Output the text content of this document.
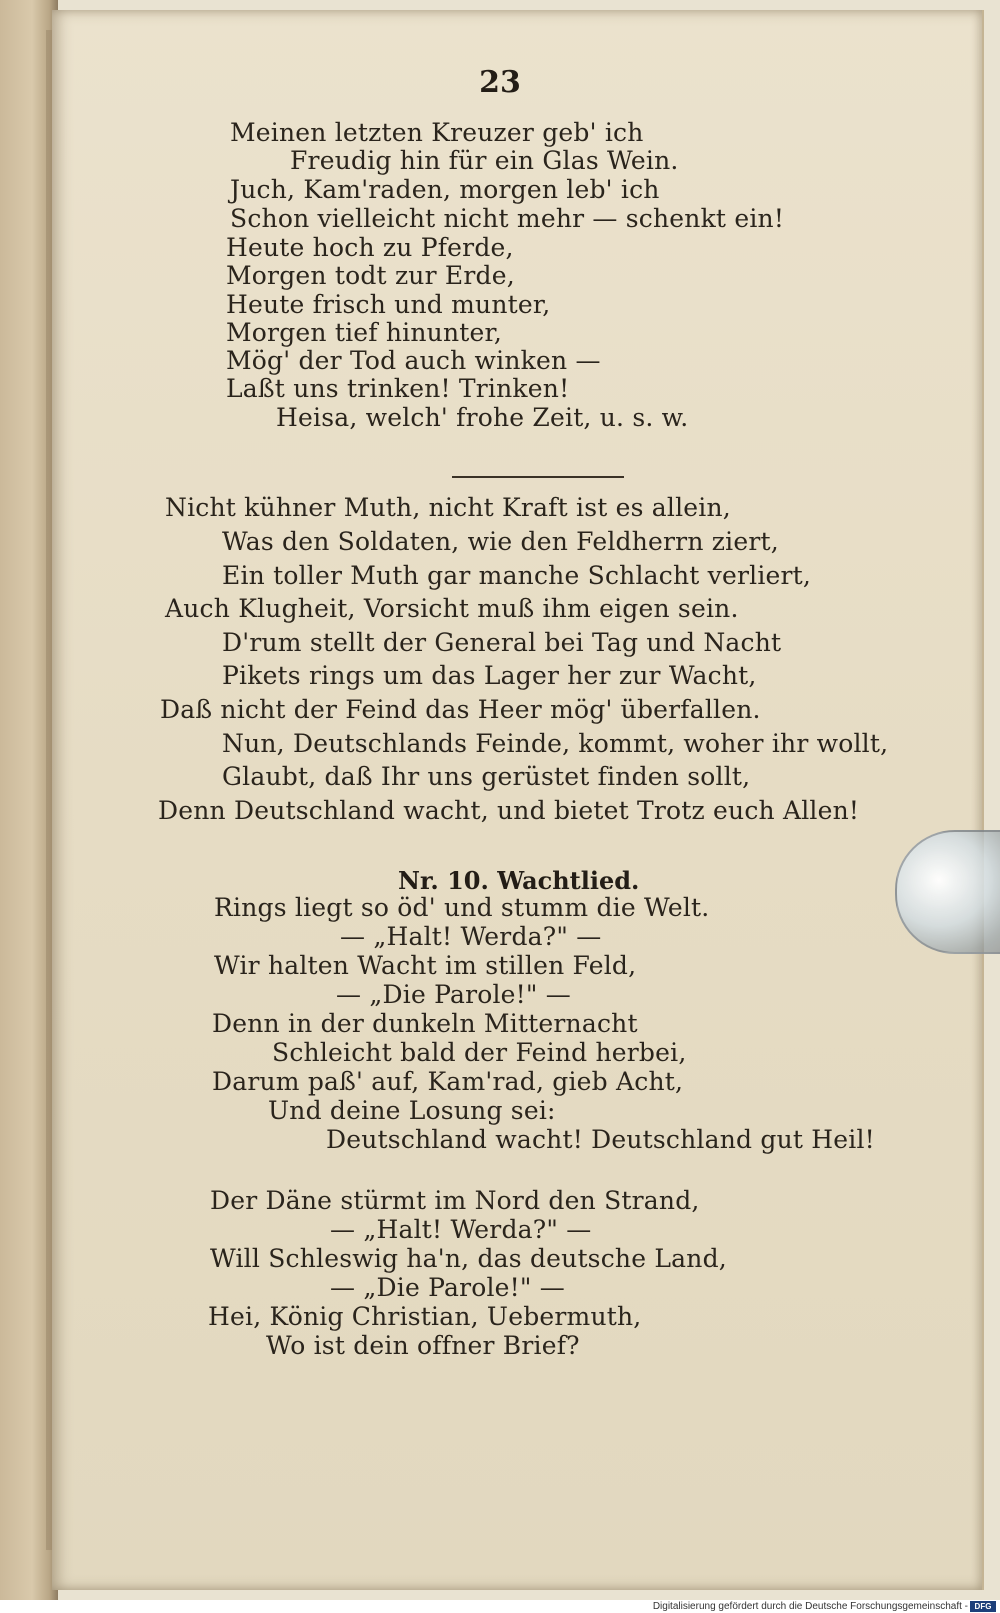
23
Meinen letzten Kreuzer geb' ich
Freudig hin für ein Glas Wein.
Juch, Kam'raden, morgen leb' ich
Schon vielleicht nicht mehr — schenkt ein!
Heute hoch zu Pferde,
Morgen todt zur Erde,
Heute frisch und munter,
Morgen tief hinunter,
Mög' der Tod auch winken —
Laßt uns trinken! Trinken!
Heisa, welch' frohe Zeit, u. s. w.
Nicht kühner Muth, nicht Kraft ist es allein,
Was den Soldaten, wie den Feldherrn ziert,
Ein toller Muth gar manche Schlacht verliert,
Auch Klugheit, Vorsicht muß ihm eigen sein.
D'rum stellt der General bei Tag und Nacht
Pikets rings um das Lager her zur Wacht,
Daß nicht der Feind das Heer mög' überfallen.
Nun, Deutschlands Feinde, kommt, woher ihr wollt,
Glaubt, daß Ihr uns gerüstet finden sollt,
Denn Deutschland wacht, und bietet Trotz euch Allen!
Nr. 10. Wachtlied.
Rings liegt so öd' und stumm die Welt.
— „Halt! Werda?" —
Wir halten Wacht im stillen Feld,
— „Die Parole!" —
Denn in der dunkeln Mitternacht
Schleicht bald der Feind herbei,
Darum paß' auf, Kam'rad, gieb Acht,
Und deine Losung sei:
Deutschland wacht! Deutschland gut Heil!
Der Däne stürmt im Nord den Strand,
— „Halt! Werda?" —
Will Schleswig ha'n, das deutsche Land,
— „Die Parole!" —
Hei, König Christian, Uebermuth,
Wo ist dein offner Brief?
Digitalisierung gefördert durch die Deutsche Forschungsgemeinschaft - DFG
